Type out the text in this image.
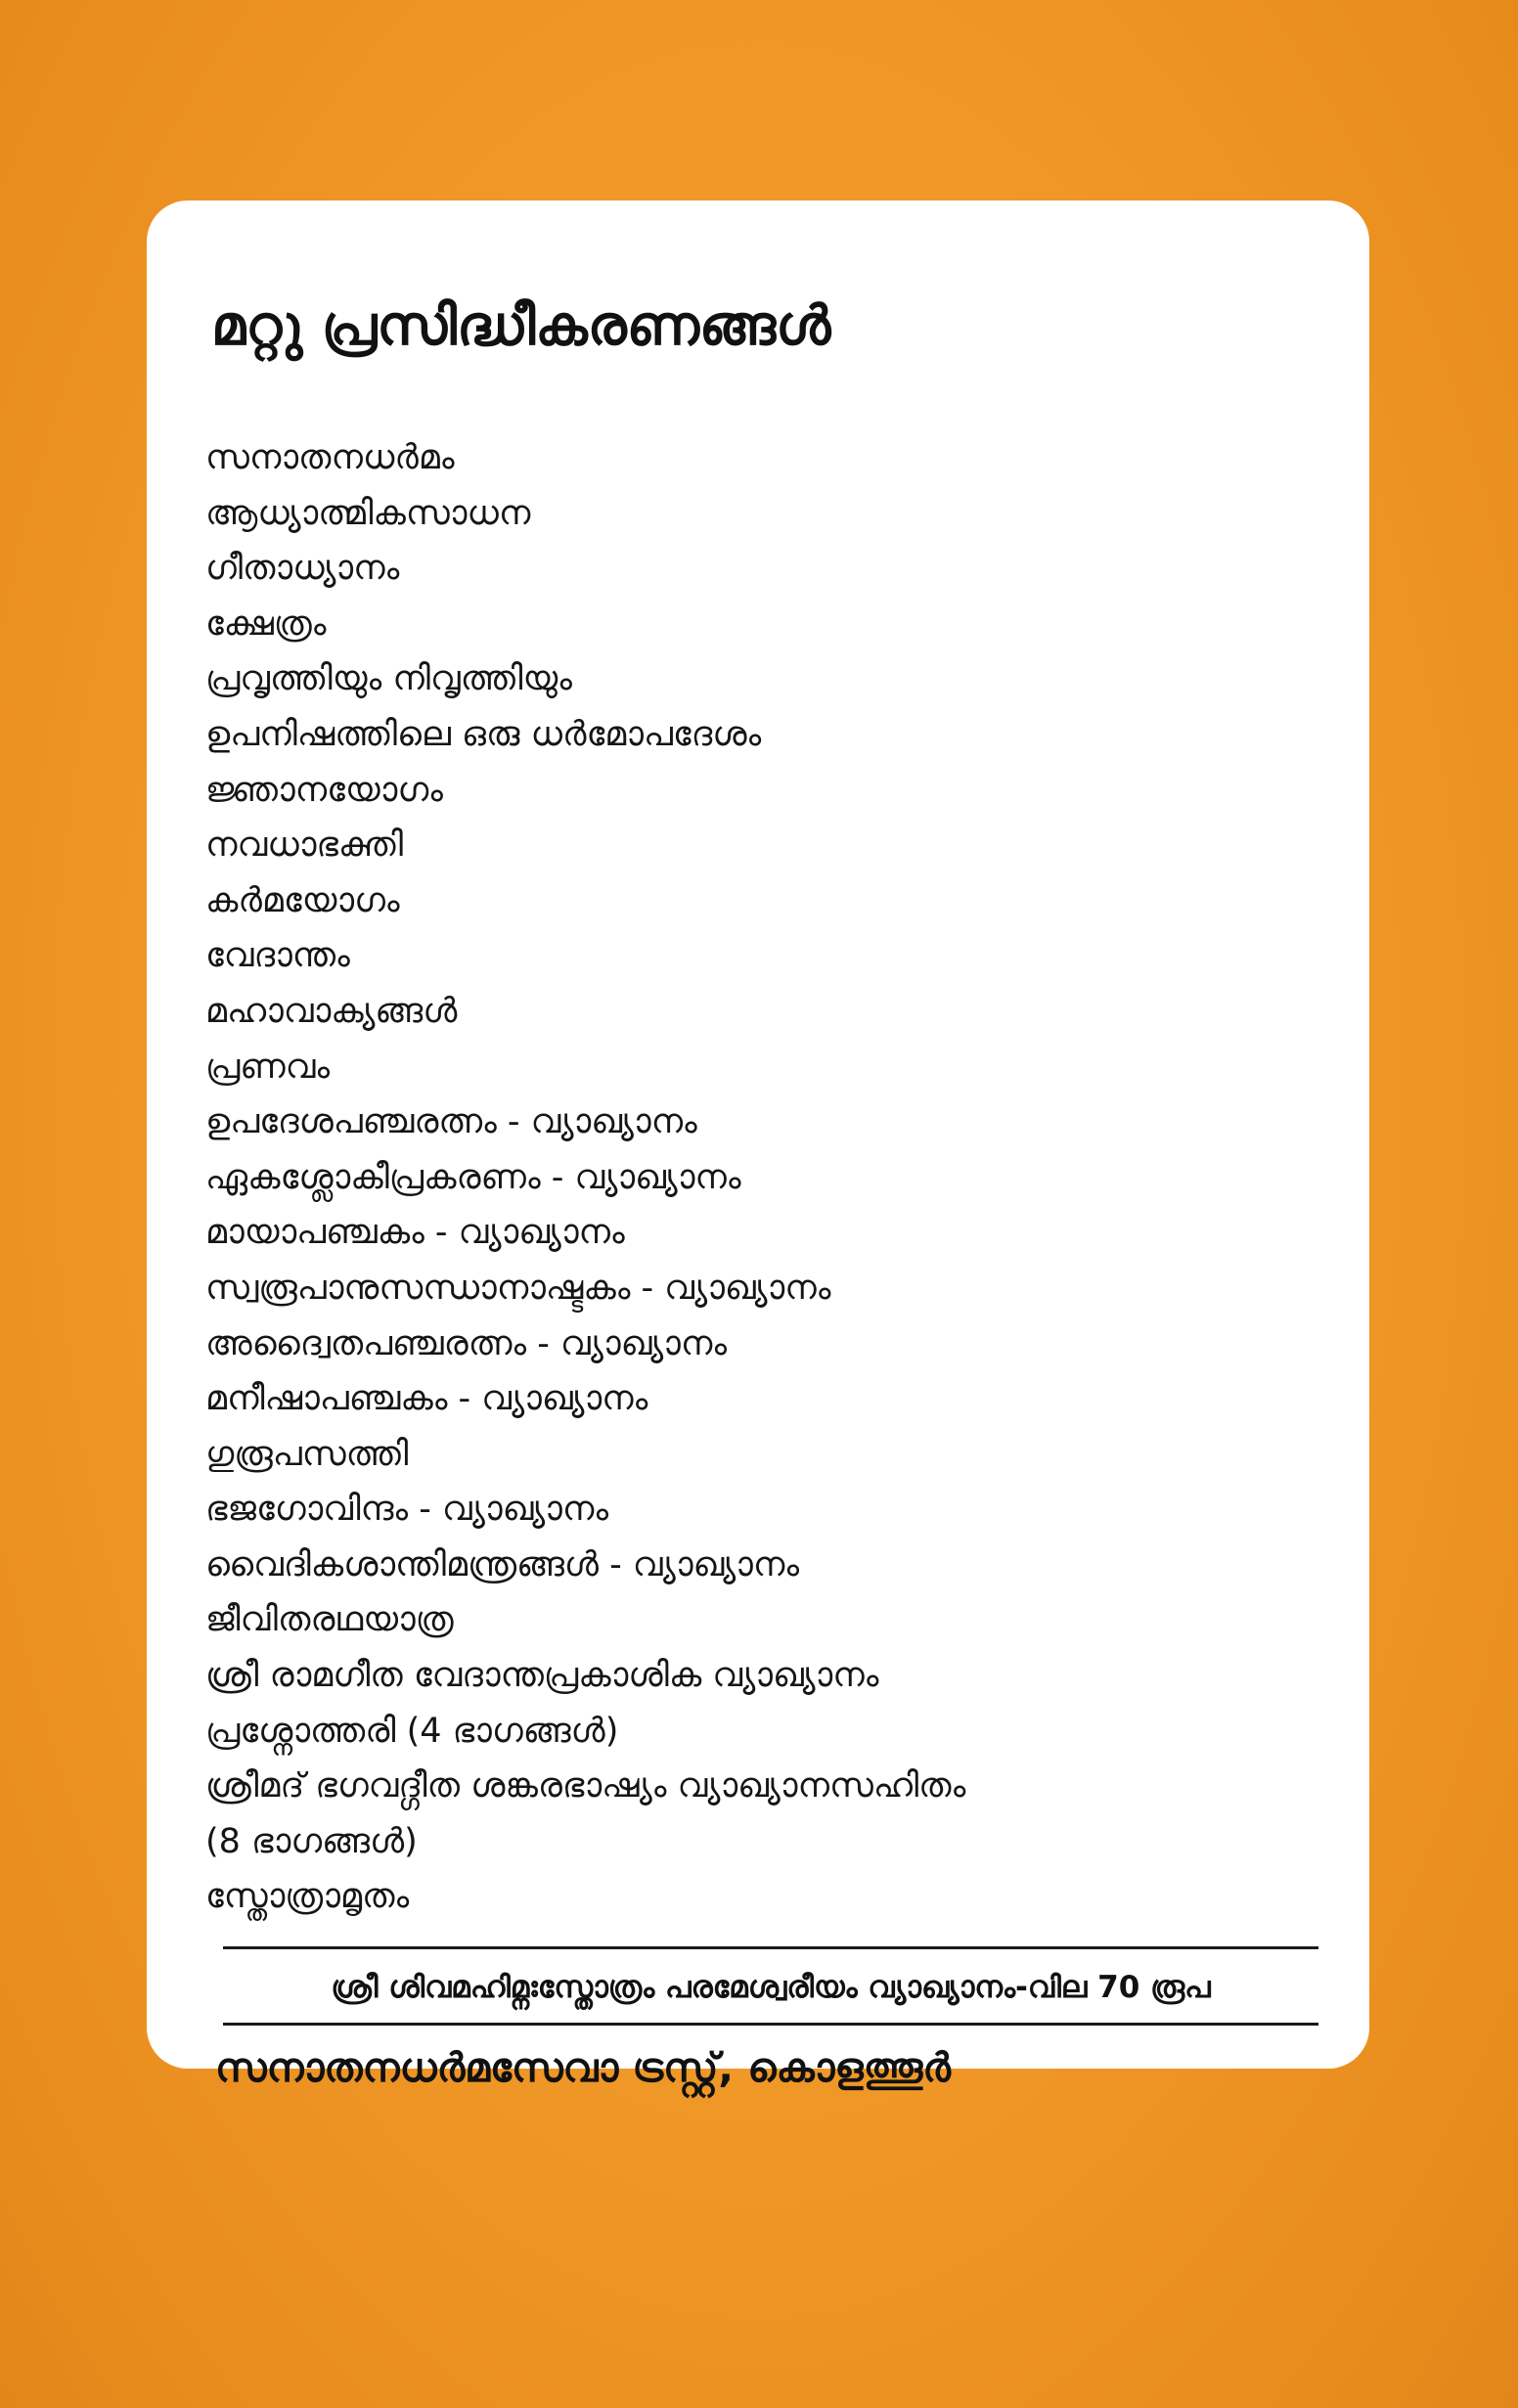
മറ്റു പ്രസിദ്ധീകരണങ്ങൾ
സനാതനധർമം
ആധ്യാത്മികസാധന
ഗീതാധ്യാനം
ക്ഷേത്രം
പ്രവൃത്തിയും നിവൃത്തിയും
ഉപനിഷത്തിലെ ഒരു ധർമോപദേശം
ജ്ഞാനയോഗം
നവധാഭക്തി
കർമയോഗം
വേദാന്തം
മഹാവാക്യങ്ങൾ
പ്രണവം
ഉപദേശപഞ്ചരത്നം - വ്യാഖ്യാനം
ഏകശ്ലോകീപ്രകരണം - വ്യാഖ്യാനം
മായാപഞ്ചകം - വ്യാഖ്യാനം
സ്വരൂപാനുസന്ധാനാഷ്ടകം - വ്യാഖ്യാനം
അദ്വൈതപഞ്ചരത്നം - വ്യാഖ്യാനം
മനീഷാപഞ്ചകം - വ്യാഖ്യാനം
ഗുരൂപസത്തി
ഭജഗോവിന്ദം - വ്യാഖ്യാനം
വൈദികശാന്തിമന്ത്രങ്ങൾ - വ്യാഖ്യാനം
ജീവിതരഥയാത്ര
ശ്രീ രാമഗീത വേദാന്തപ്രകാശിക വ്യാഖ്യാനം
പ്രശ്നോത്തരി (4 ഭാഗങ്ങൾ)
ശ്രീമദ് ഭഗവദ്ഗീത ശങ്കരഭാഷ്യം വ്യാഖ്യാനസഹിതം
(8 ഭാഗങ്ങൾ)
സ്തോത്രാമൃതം
ശ്രീ ശിവമഹിമ്നഃസ്തോത്രം പരമേശ്വരീയം വ്യാഖ്യാനം-വില 70 രൂപ
സനാതനധർമസേവാ ട്രസ്റ്റ്, കൊളത്തൂർ
